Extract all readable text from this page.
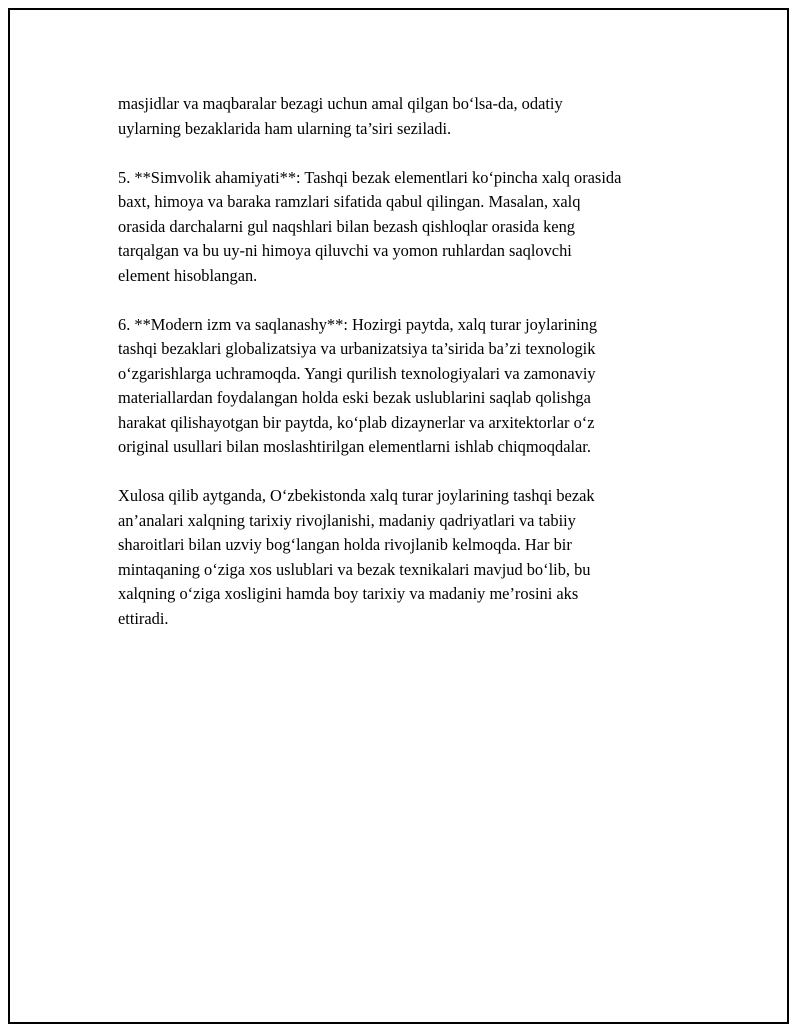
masjidlar va maqbaralar bezagi uchun amal qilgan bo‘lsa-da, odatiy
uylarning bezaklarida ham ularning ta’siri seziladi.

5. **Simvolik ahamiyati**: Tashqi bezak elementlari ko‘pincha xalq orasida
baxt, himoya va baraka ramzlari sifatida qabul qilingan. Masalan, xalq
orasida darchalarni gul naqshlari bilan bezash qishloqlar orasida keng
tarqalgan va bu uy-ni himoya qiluvchi va yomon ruhlardan saqlovchi
element hisoblangan.

6. **Modern izm va saqlanashy**: Hozirgi paytda, xalq turar joylarining
tashqi bezaklari globalizatsiya va urbanizatsiya ta’sirida ba’zi texnologik
o‘zgarishlarga uchramoqda. Yangi qurilish texnologiyalari va zamonaviy
materiallardan foydalangan holda eski bezak uslublarini saqlab qolishga
harakat qilishayotgan bir paytda, ko‘plab dizaynerlar va arxitektorlar o‘z
original usullari bilan moslashtirilgan elementlarni ishlab chiqmoqdalar.

Xulosa qilib aytganda, O‘zbekistonda xalq turar joylarining tashqi bezak
an’analari xalqning tarixiy rivojlanishi, madaniy qadriyatlari va tabiiy
sharoitlari bilan uzviy bog‘langan holda rivojlanib kelmoqda. Har bir
mintaqaning o‘ziga xos uslublari va bezak texnikalari mavjud bo‘lib, bu
xalqning o‘ziga xosligini hamda boy tarixiy va madaniy me’rosini aks
ettiradi.
